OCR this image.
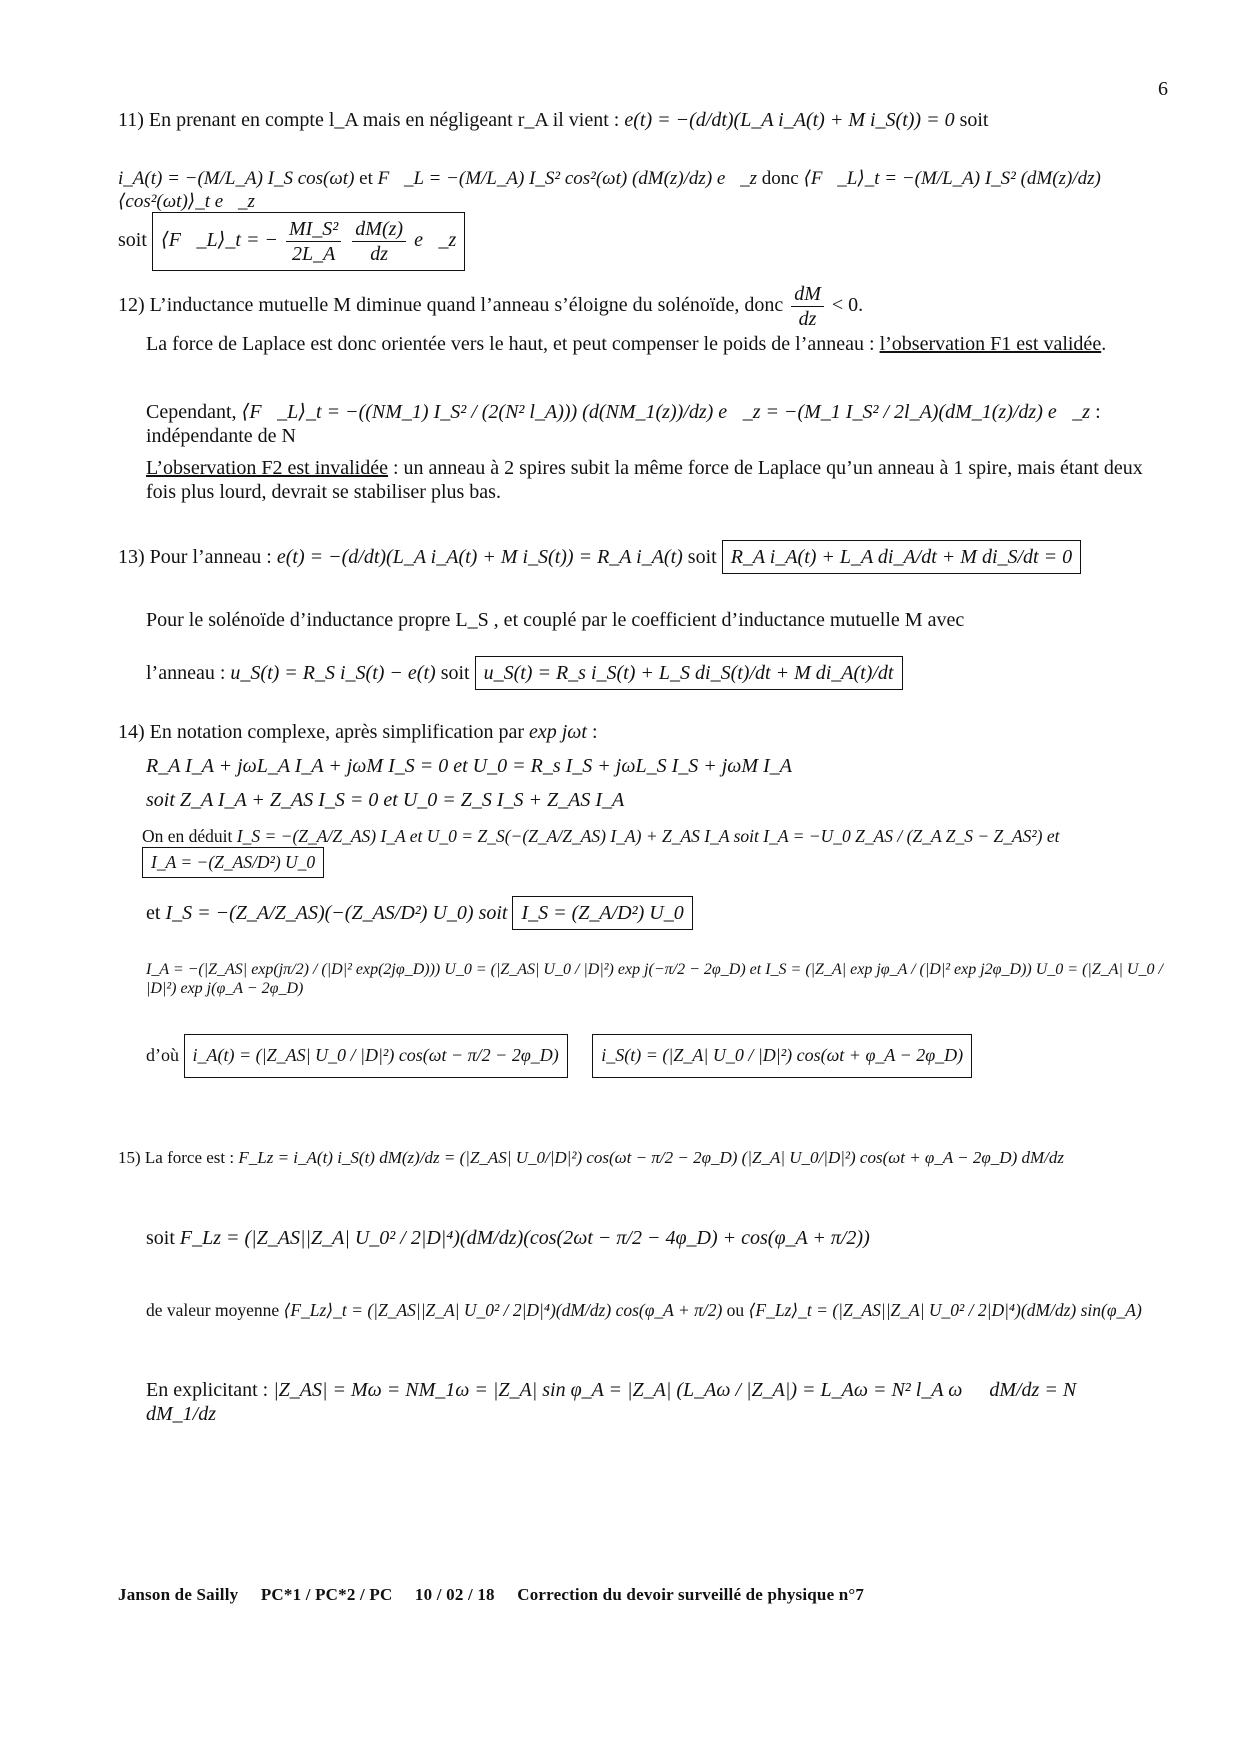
6
11) En prenant en compte l_A mais en négligeant r_A il vient : e(t) = −(d/dt)(L_A i_A(t) + M i_S(t)) = 0 soit
i_A(t) = −(M/L_A) I_S cos(ωt) et F⃗_L = −(M/L_A) I_S² cos²(ωt) (dM(z)/dz) e⃗_z donc ⟨F⃗_L⟩_t = −(M/L_A) I_S² (dM(z)/dz) ⟨cos²(ωt)⟩_t e⃗_z
soit ⟨F⃗_L⟩_t = − $\frac{\text{MI\_S²}}{2L\_A}$
$\frac{dM(z)}{dz}$ e⃗_z
12) L’inductance mutuelle M diminue quand l’anneau s’éloigne du solénoïde, donc $\frac{dM}{dz} < 0$.
La force de Laplace est donc orientée vers le haut, et peut compenser le poids de l’anneau : l’observation F1 est validée.
Cependant, ⟨F⃗_L⟩_t = −((NM_1) I_S² / (2(N² l_A))) (d(NM_1(z))/dz) e⃗_z = −(M_1 I_S² / 2l_A)(dM_1(z)/dz) e⃗_z : indépendante de N
L’observation F2 est invalidée : un anneau à 2 spires subit la même force de Laplace qu’un anneau à 1 spire, mais étant deux fois plus lourd, devrait se stabiliser plus bas.
13) Pour l’anneau : e(t) = −(d/dt)(L_A i_A(t) + M i_S(t)) = R_A i_A(t) soit R_A i_A(t) + L_A di_A/dt + M di_S/dt = 0
Pour le solénoïde d’inductance propre L_S , et couplé par le coefficient d’inductance mutuelle M avec
l’anneau : u_S(t) = R_S i_S(t) − e(t) soit u_S(t) = R_s i_S(t) + L_S di_S(t)/dt + M di_A(t)/dt
14) En notation complexe, après simplification par exp jωt :
R_A I_A + jωL_A I_A + jωM I_S = 0 et U_0 = R_s I_S + jωL_S I_S + jωM I_A
soit Z_A I_A + Z_AS I_S = 0 et U_0 = Z_S I_S + Z_AS I_A
On en déduit I_S = −(Z_A/Z_AS) I_A et U_0 = Z_S(−(Z_A/Z_AS) I_A) + Z_AS I_A soit I_A = −U_0 Z_AS / (Z_A Z_S − Z_AS²) et I_A = −(Z_AS/D²) U_0
et I_S = −(Z_A/Z_AS)(−(Z_AS/D²) U_0) soit I_S = (Z_A/D²) U_0
I_A = −(|Z_AS| exp(jπ/2) / (|D|² exp(2jφ_D))) U_0 = (|Z_AS| U_0 / |D|²) exp j(−π/2 − 2φ_D) et I_S = (|Z_A| exp jφ_A / (|D|² exp j2φ_D)) U_0 = (|Z_A| U_0 / |D|²) exp j(φ_A − 2φ_D)
d’où i_A(t) = (|Z_AS| U_0 / |D|²) cos(ωt − π/2 − 2φ_D) i_S(t) = (|Z_A| U_0 / |D|²) cos(ωt + φ_A − 2φ_D)
15) La force est : F_Lz = i_A(t) i_S(t) dM(z)/dz = (|Z_AS| U_0/|D|²) cos(ωt − π/2 − 2φ_D) (|Z_A| U_0/|D|²) cos(ωt + φ_A − 2φ_D) dM/dz
soit F_Lz = (|Z_AS||Z_A| U_0² / 2|D|⁴)(dM/dz)(cos(2ωt − π/2 − 4φ_D) + cos(φ_A + π/2))
de valeur moyenne ⟨F_Lz⟩_t = (|Z_AS||Z_A| U_0² / 2|D|⁴)(dM/dz) cos(φ_A + π/2) ou ⟨F_Lz⟩_t = (|Z_AS||Z_A| U_0² / 2|D|⁴)(dM/dz) sin(φ_A)
En explicitant : |Z_AS| = Mω = NM_1ω = |Z_A| sin φ_A = |Z_A| (L_Aω / |Z_A|) = L_Aω = N² l_A ω dM/dz = N dM_1/dz
Janson de Sailly PC*1 / PC*2 / PC 10 / 02 / 18 Correction du devoir surveillé de physique n°7
